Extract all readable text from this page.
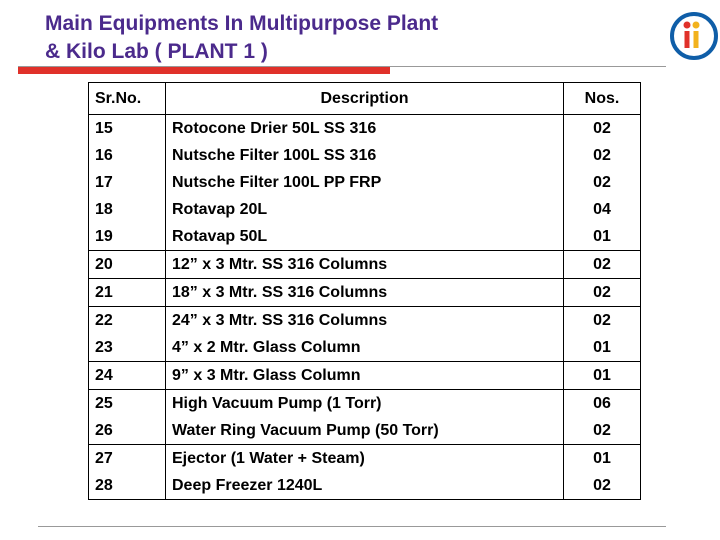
Main Equipments In Multipurpose Plant
& Kilo Lab ( PLANT 1 )
Sr.No.	Description	Nos.
15	Rotocone Drier 50L SS 316	02
16	Nutsche Filter 100L SS 316	02
17	Nutsche Filter 100L PP FRP	02
18	Rotavap 20L	04
19	Rotavap 50L	01
20	12” x 3 Mtr. SS 316 Columns	02
21	18” x 3 Mtr. SS 316 Columns	02
22	24” x 3 Mtr. SS 316 Columns	02
23	4” x 2 Mtr. Glass Column	01
24	9” x 3 Mtr. Glass Column	01
25	High Vacuum Pump (1 Torr)	06
26	Water Ring Vacuum Pump (50 Torr)	02
27	Ejector (1 Water + Steam)	01
28	Deep Freezer 1240L	02
